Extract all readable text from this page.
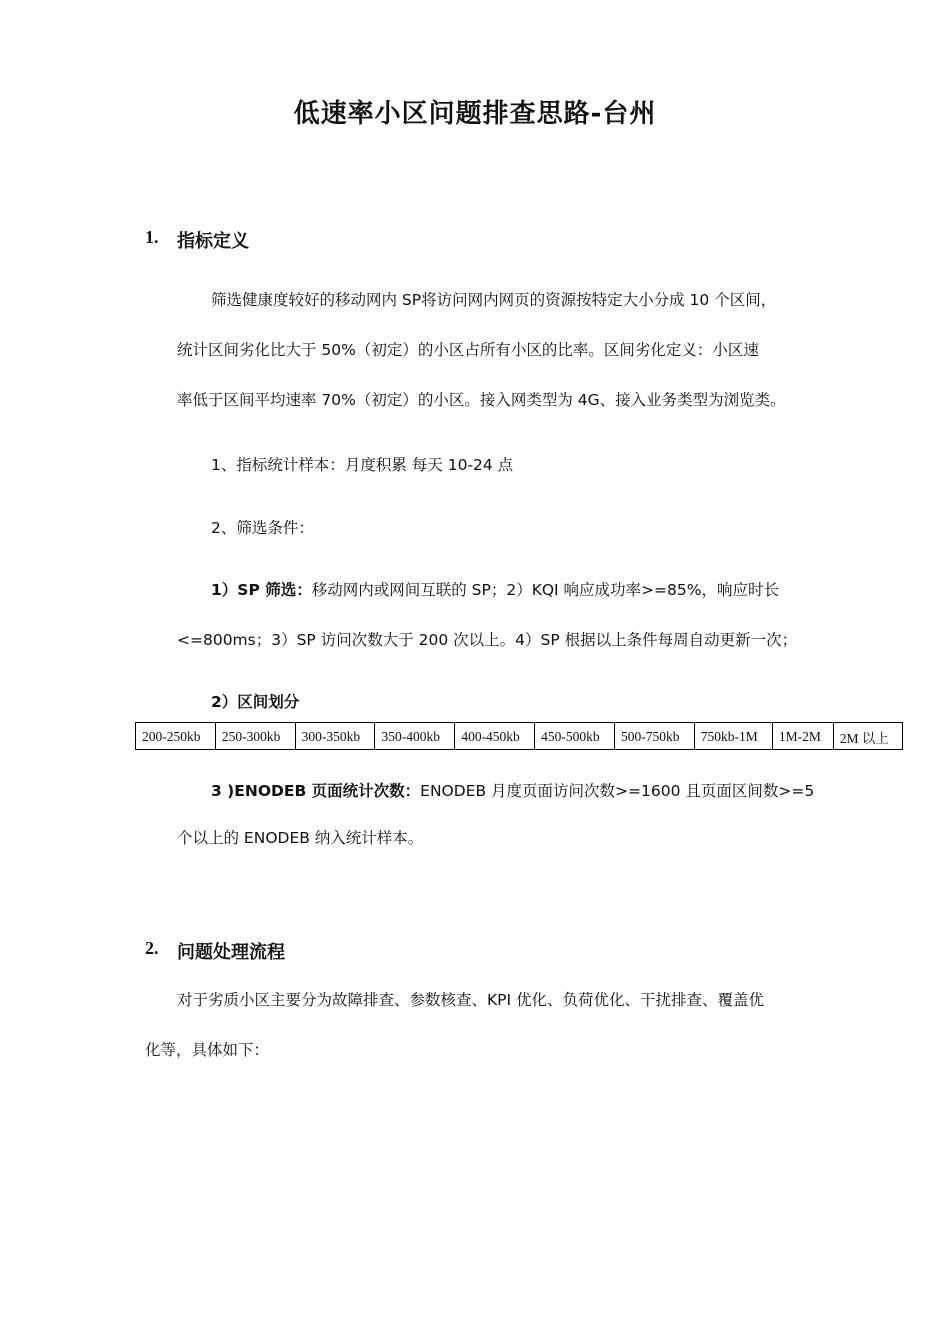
低速率小区问题排查思路-台州
1. 指标定义
筛选健康度较好的移动网内 SP将访问网内网页的资源按特定大小分成 10 个区间，
统计区间劣化比大于 50%（初定）的小区占所有小区的比率。区间劣化定义：小区速
率低于区间平均速率 70%（初定）的小区。接入网类型为 4G、接入业务类型为浏览类。
1、指标统计样本：月度积累 每天 10-24 点
2、筛选条件：
1）SP 筛选：移动网内或网间互联的 SP；2）KQI 响应成功率>=85%，响应时长
<=800ms；3）SP 访问次数大于 200 次以上。4）SP 根据以上条件每周自动更新一次；
2）区间划分
200-250kb	250-300kb	300-350kb	350-400kb	400-450kb	450-500kb	500-750kb	750kb-1M	1M-2M	2M 以上
3 )ENODEB 页面统计次数：ENODEB 月度页面访问次数>=1600 且页面区间数>=5
个以上的 ENODEB 纳入统计样本。
2. 问题处理流程
对于劣质小区主要分为故障排查、参数核查、KPI 优化、负荷优化、干扰排查、覆盖优
化等，具体如下：
